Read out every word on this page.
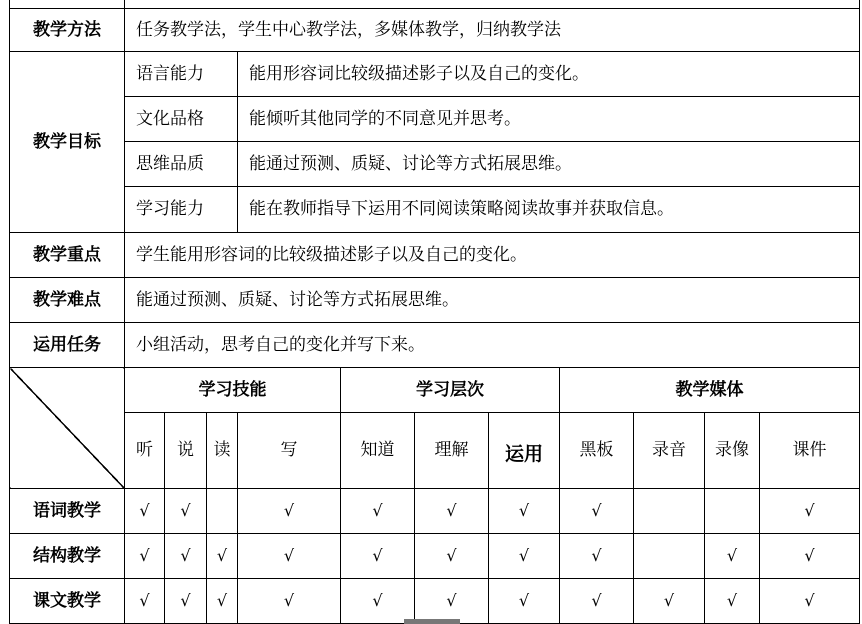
教学方法	任务教学法，学生中心教学法，多媒体教学，归纳教学法										
教学目标	语言能力			能用形容词比较级描述影子以及自己的变化。							
	文化品格			能倾听其他同学的不同意见并思考。							
	思维品质			能通过预测、质疑、讨论等方式拓展思维。							
	学习能力			能在教师指导下运用不同阅读策略阅读故事并获取信息。							
教学重点	学生能用形容词的比较级描述影子以及自己的变化。										
教学难点	能通过预测、质疑、讨论等方式拓展思维。										
运用任务	小组活动，思考自己的变化并写下来。										
	学习技能				学习层次			教学媒体			
	听	说	读	写	知道	理解	运用	黑板	录音	录像	课件
语词教学	√	√		√	√	√	√	√			√
结构教学	√	√	√	√	√	√	√	√		√	√
课文教学	√	√	√	√	√	√	√	√	√	√	√
